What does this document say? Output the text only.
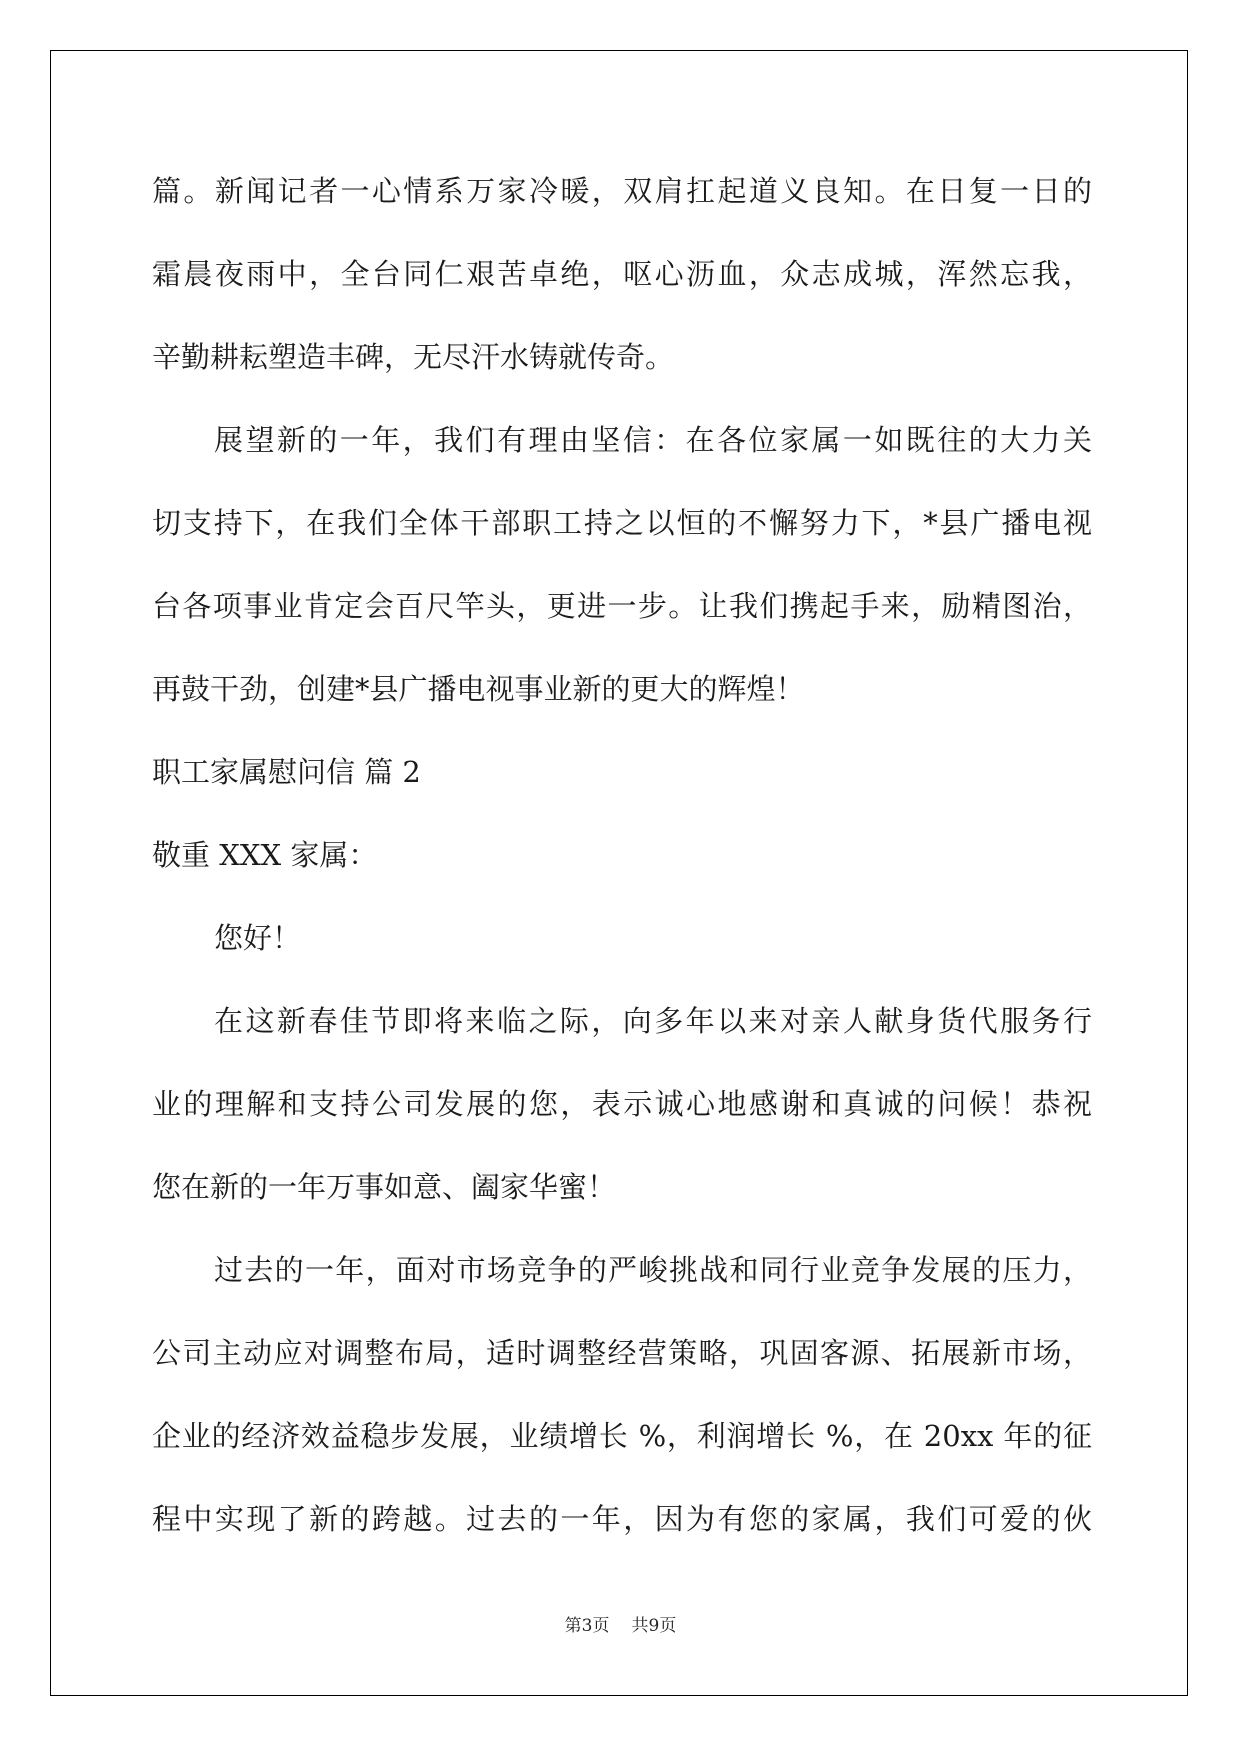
篇。新闻记者一心情系万家冷暖，双肩扛起道义良知。在日复一日的

霜晨夜雨中，全台同仁艰苦卓绝，呕心沥血，众志成城，浑然忘我，

辛勤耕耘塑造丰碑，无尽汗水铸就传奇。

展望新的一年，我们有理由坚信：在各位家属一如既往的大力关

切支持下，在我们全体干部职工持之以恒的不懈努力下，*县广播电视

台各项事业肯定会百尺竿头，更进一步。让我们携起手来，励精图治，

再鼓干劲，创建*县广播电视事业新的更大的辉煌！

职工家属慰问信 篇 2

敬重 XXX 家属：

您好！

在这新春佳节即将来临之际，向多年以来对亲人献身货代服务行

业的理解和支持公司发展的您，表示诚心地感谢和真诚的问候！恭祝

您在新的一年万事如意、阖家华蜜！

过去的一年，面对市场竞争的严峻挑战和同行业竞争发展的压力，

公司主动应对调整布局，适时调整经营策略，巩固客源、拓展新市场，

企业的经济效益稳步发展，业绩增长 %，利润增长 %，在 20xx 年的征

程中实现了新的跨越。过去的一年，因为有您的家属，我们可爱的伙

第3页 共9页
